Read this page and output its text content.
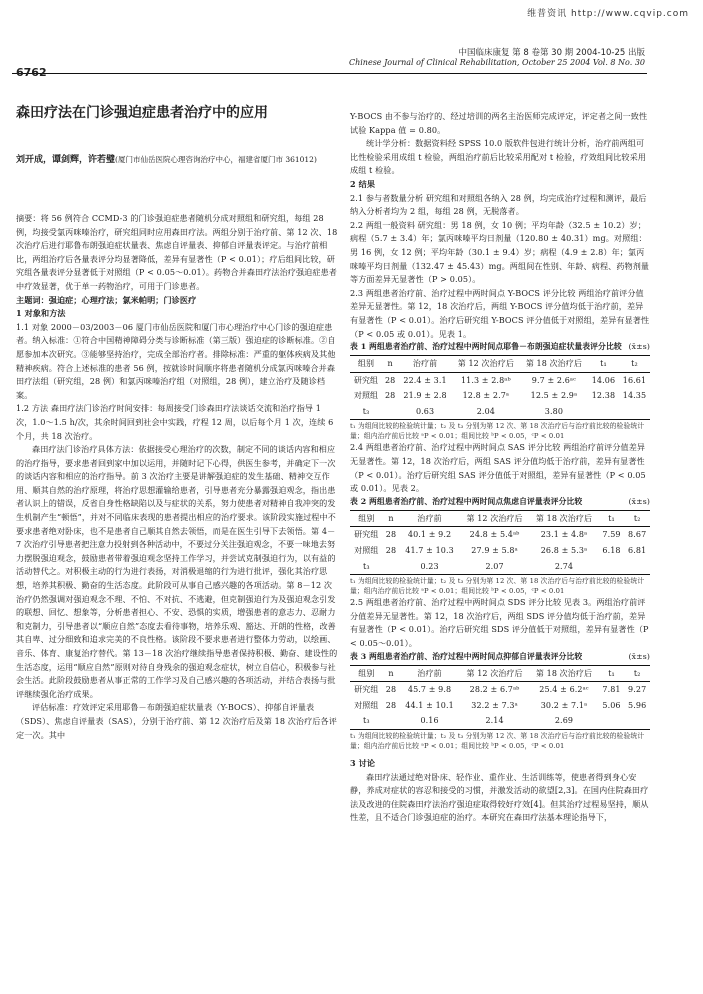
维普资讯 http://www.cqvip.com
中国临床康复 第 8 卷第 30 期 2004-10-25 出版
Chinese Journal of Clinical Rehabilitation, October 25 2004 Vol. 8 No. 30
6762
森田疗法在门诊强迫症患者治疗中的应用
刘开成，谭剑辉，许若璧(厦门市仙岳医院心理咨询治疗中心，福建省厦门市 361012)

摘要：将 56 例符合 CCMD-3 的门诊强迫症患者随机分成对照组和研究组，每组 28 例，均接受氯丙咪嗪治疗，研究组同时应用森田疗法。两组分别于治疗前、第 12 次、18 次治疗后进行耶鲁布朗强迫症状量表、焦虑自评量表、抑郁自评量表评定。与治疗前相比，两组治疗后各量表评分均显著降低，差异有显著性（P < 0.01）；疗后组间比较，研究组各量表评分显著低于对照组（P < 0.05～0.01）。药物合并森田疗法治疗强迫症患者中疗效显著，优于单一药物治疗，可用于门诊患者。

主题词：强迫症；心理疗法；氯米帕明；门诊医疗

1 对象和方法

1.1 对象 2000－03/2003－06 厦门市仙岳医院和厦门市心理治疗中心门诊的强迫症患者。纳入标准：①符合中国精神障碍分类与诊断标准（第三版）强迫症的诊断标准。②自愿参加本次研究。③能够坚持治疗，完成全部治疗者。排除标准：严重的躯体疾病及其他精神疾病。符合上述标准的患者 56 例，按就诊时间顺序将患者随机分成氯丙咪嗪合并森田疗法组（研究组，28 例）和氯丙咪嗪治疗组（对照组，28 例），建立治疗及随诊档案。

1.2 方法 森田疗法门诊治疗时间安排：每周接受门诊森田疗法谈话交流和治疗指导 1 次，1.0～1.5 h/次，其余时间回到社会中实践，疗程 12 周，以后每个月 1 次，连续 6 个月，共 18 次治疗。

森田疗法门诊治疗具体方法：依据接受心理治疗的次数，制定不同的谈话内容和相应的治疗指导，要求患者回到家中加以运用，并随时记下心得，供医生参考，并确定下一次的谈话内容和相应的治疗指导。前 3 次治疗主要是讲解强迫症的发生基础、精神交互作用、顺其自然的治疗原理，将治疗思想灌输给患者，引导患者充分暴露强迫观念，指出患者认识上的错误，反省自身性格缺陷以及与症状的关系，努力使患者对精神自我冲突的发生机制产生“顿悟”，并对不同临床表现的患者提出相应的治疗要求。该阶段实施过程中不要求患者绝对卧床，也不是患者自己顺其自然去领悟，而是在医生引导下去领悟。第 4－7 次治疗引导患者把注意力投射到各种活动中，不要过分关注强迫观念，不要一味地去努力摆脱强迫观念，鼓励患者带着强迫观念坚持工作学习，并尝试克制强迫行为，以有益的活动替代之。对积极主动的行为进行表扬，对消极退缩的行为进行批评，强化其治疗思想，培养其积极、勤奋的生活态度。此阶段可从事自己感兴趣的各项活动。第 8－12 次治疗仍然强调对强迫观念不理、不怕、不对抗、不逃避，但克制强迫行为及强迫观念引发的联想、回忆、想象等，分析患者担心、不安、恐惧的实质，增强患者的意志力、忍耐力和克制力，引导患者以“顺应自然”态度去看待事物，培养乐观、豁达、开朗的性格，改善其自卑、过分细致和追求完美的不良性格。该阶段不要求患者进行整体力劳动，以绘画、音乐、体育、康复治疗替代。第 13－18 次治疗继续指导患者保持积极、勤奋、建设性的生活态度，运用“顺应自然”原则对待自身残余的强迫观念症状，树立自信心，积极参与社会生活。此阶段鼓励患者从事正常的工作学习及自己感兴趣的各项活动，并结合表扬与批评继续强化治疗成果。

评估标准：疗效评定采用耶鲁－布朗强迫症状量表（Y-BOCS）、抑郁自评量表（SDS）、焦虑自评量表（SAS），分别于治疗前、第 12 次治疗后及第 18 次治疗后各评定一次。其中

Y-BOCS 由不参与治疗的、经过培训的两名主治医师完成评定，评定者之间一致性试验 Kappa 值 = 0.80。

统计学分析：数据资料经 SPSS 10.0 版软件包进行统计分析，治疗前两组可比性检验采用成组 t 检验，两组治疗前后比较采用配对 t 检验，疗效组间比较采用成组 t 检验。

2 结果

2.1 参与者数量分析 研究组和对照组各纳入 28 例，均完成治疗过程和测评，最后纳入分析者均为 2 组，每组 28 例，无脱落者。

2.2 两组一般资料 研究组：男 18 例，女 10 例；平均年龄（32.5 ± 10.2）岁；病程（5.7 ± 3.4）年；氯丙咪嗪平均日剂量（120.80 ± 40.31）mg。对照组：男 16 例，女 12 例；平均年龄（30.1 ± 9.4）岁；病程（4.9 ± 2.8）年；氯丙咪嗪平均日剂量（132.47 ± 45.43）mg。两组间在性别、年龄、病程、药物剂量等方面差异无显著性（P > 0.05）。

2.3 两组患者治疗前、治疗过程中两时间点 Y-BOCS 评分比较 两组治疗前评分值差异无显著性。第 12，18 次治疗后，两组 Y-BOCS 评分值均低于治疗前，差异有显著性（P < 0.01）。治疗后研究组 Y-BOCS 评分值低于对照组，差异有显著性（P < 0.05 或 0.01）。见表 1。

表 1 两组患者治疗前、治疗过程中两时间点耶鲁－布朗强迫症状量表评分比较 (x̄±s)
组别	n	治疗前	第 12 次治疗后	第 18 次治疗后	t₁	t₂
研究组	28	22.4 ± 3.1	11.3 ± 2.8ᵃᵇ	9.7 ± 2.6ᵃᶜ	14.06	16.61
对照组	28	21.9 ± 2.8	12.8 ± 2.7ᵃ	12.5 ± 2.9ᵃ	12.38	14.35
t₃		0.63	2.04	3.80		
t₁ 为组间比较的检验统计量；t₂ 及 t₃ 分别为第 12 次、第 18 次治疗后与治疗前比较的检验统计量；组内治疗前后比较 ᵃP < 0.01；组间比较 ᵇP < 0.05，ᶜP < 0.01

2.4 两组患者治疗前、治疗过程中两时间点 SAS 评分比较 两组治疗前评分值差异无显著性。第 12，18 次治疗后，两组 SAS 评分值均低于治疗前，差异有显著性（P < 0.01）。治疗后研究组 SAS 评分值低于对照组，差异有显著性（P < 0.05 或 0.01）。见表 2。

表 2 两组患者治疗前、治疗过程中两时间点焦虑自评量表评分比较	(x̄±s)
组别	n	治疗前	第 12 次治疗后	第 18 次治疗后	t₁	t₂
研究组	28	40.1 ± 9.2	24.8 ± 5.4ᵃᵇ	23.1 ± 4.8ᵃ	7.59	8.67
对照组	28	41.7 ± 10.3	27.9 ± 5.8ᵃ	26.8 ± 5.3ᵃ	6.18	6.81
t₃		0.23	2.07	2.74		
t₁ 为组间比较的检验统计量；t₂ 及 t₃ 分别为第 12 次、第 18 次治疗后与治疗前比较的检验统计量；组内治疗前后比较 ᵃP < 0.01；组间比较 ᵇP < 0.05，ᶜP < 0.01

2.5 两组患者治疗前、治疗过程中两时间点 SDS 评分比较 见表 3。两组治疗前评分值差异无显著性。第 12，18 次治疗后，两组 SDS 评分值均低于治疗前，差异有显著性（P < 0.01）。治疗后研究组 SDS 评分值低于对照组，差异有显著性（P < 0.05～0.01）。

表 3 两组患者治疗前、治疗过程中两时间点抑郁自评量表评分比较	(x̄±s)
组别	n	治疗前	第 12 次治疗后	第 18 次治疗后	t₁	t₂
研究组	28	45.7 ± 9.8	28.2 ± 6.7ᵃᵇ	25.4 ± 6.2ᵃᶜ	7.81	9.27
对照组	28	44.1 ± 10.1	32.2 ± 7.3ᵃ	30.2 ± 7.1ᵃ	5.06	5.96
t₃		0.16	2.14	2.69		
t₁ 为组间比较的检验统计量；t₂ 及 t₃ 分别为第 12 次、第 18 次治疗后与治疗前比较的检验统计量；组内治疗前后比较 ᵃP < 0.01；组间比较 ᵇP < 0.05，ᶜP < 0.01

3 讨论

森田疗法通过绝对卧床、轻作业、重作业、生活训练等，使患者得到身心安静，养成对症状的容忍和接受的习惯，并激发活动的欲望[2,3]。在国内住院森田疗法及改进的住院森田疗法治疗强迫症取得较好疗效[4]。但其治疗过程易坚持，顺从性差，且不适合门诊强迫症的治疗。本研究在森田疗法基本理论指导下，
